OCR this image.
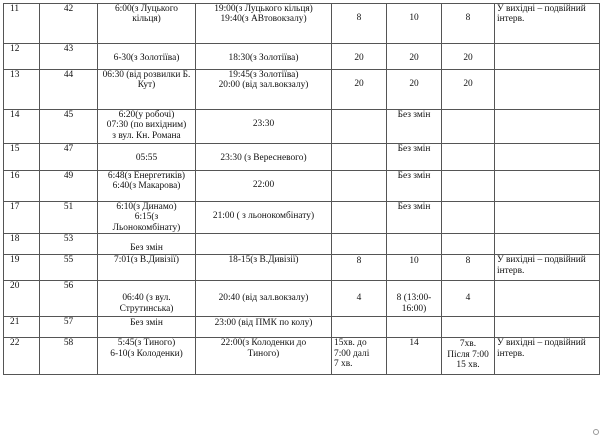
11	42	6:00(з Луцького кільця)	19:00(з Луцького кільця)
19:40(з АВтовокзалу)	8	10	8	У вихідні – подвійний інтерв.

12	43	6-30(з Золотіїва)	18:30(з Золотіїва)	20	20	20	

13	44	06:30 (від розвилки Б.
Кут)	19:45(з Золотіїва)
20:00 (від зал.вокзалу)	20	20	20	

14	45	6:20(у робочі)
07:30 (по вихідним)
з вул. Кн. Романа	23:30		Без змін		

15	47	05:55	23:30 (з Вересневого)		Без змін		

16	49	6:48(з Енергетиків)
6:40(з Макарова)	22:00		Без змін		

17	51	6:10(з Динамо)
6:15(з Льонокомбінату)	21:00 ( з льонокомбінату)		Без змін		

18	53	Без змін					

19	55	7:01(з В.Дивізії)	18-15(з В.Дивізії)	8	10	8	У вихідні – подвійний інтерв.

20	56	06:40 (з вул.
Струтинська)	20:40 (від зал.вокзалу)	4	8 (13:00-
16:00)	4	

21	57	Без змін	23:00 (від ПМК по колу)				

22	58	5:45(з Тиного)
6-10(з Колоденки)	22:00(з Колоденки до
Тиного)	15хв. до
7:00 далі
7 хв.	14	7хв.
Після 7:00
15 хв.	У вихідні – подвійний інтерв.
